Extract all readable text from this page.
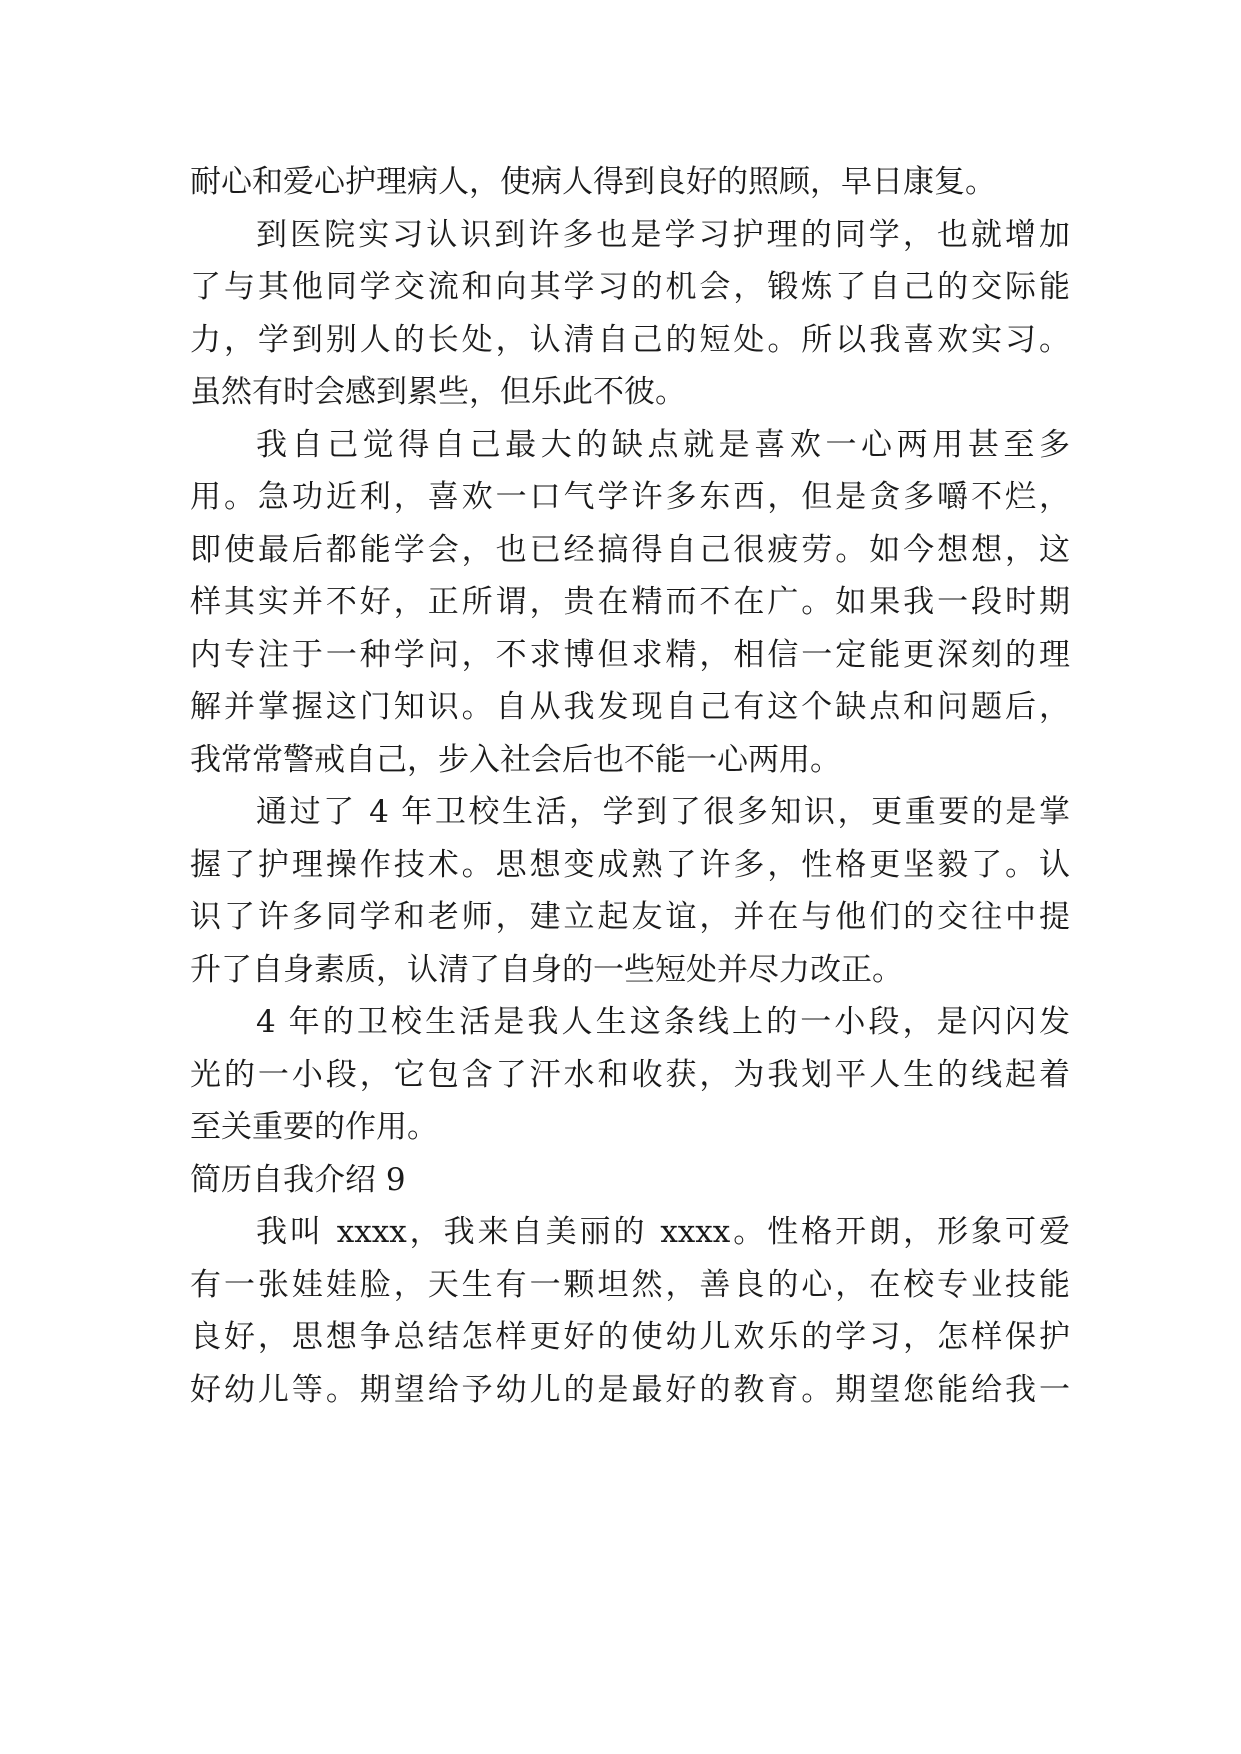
耐心和爱心护理病人，使病人得到良好的照顾，早日康复。
到医院实习认识到许多也是学习护理的同学，也就增加
了与其他同学交流和向其学习的机会，锻炼了自己的交际能
力，学到别人的长处，认清自己的短处。所以我喜欢实习。
虽然有时会感到累些，但乐此不彼。
我自己觉得自己最大的缺点就是喜欢一心两用甚至多
用。急功近利，喜欢一口气学许多东西，但是贪多嚼不烂，
即使最后都能学会，也已经搞得自己很疲劳。如今想想，这
样其实并不好，正所谓，贵在精而不在广。如果我一段时期
内专注于一种学问，不求博但求精，相信一定能更深刻的理
解并掌握这门知识。自从我发现自己有这个缺点和问题后，
我常常警戒自己，步入社会后也不能一心两用。
通过了 4 年卫校生活，学到了很多知识，更重要的是掌
握了护理操作技术。思想变成熟了许多，性格更坚毅了。认
识了许多同学和老师，建立起友谊，并在与他们的交往中提
升了自身素质，认清了自身的一些短处并尽力改正。
4 年的卫校生活是我人生这条线上的一小段，是闪闪发
光的一小段，它包含了汗水和收获，为我划平人生的线起着
至关重要的作用。
简历自我介绍 9
我叫 xxxx，我来自美丽的 xxxx。性格开朗，形象可爱
有一张娃娃脸，天生有一颗坦然，善良的心，在校专业技能
良好，思想争总结怎样更好的使幼儿欢乐的学习，怎样保护
好幼儿等。期望给予幼儿的是最好的教育。期望您能给我一
